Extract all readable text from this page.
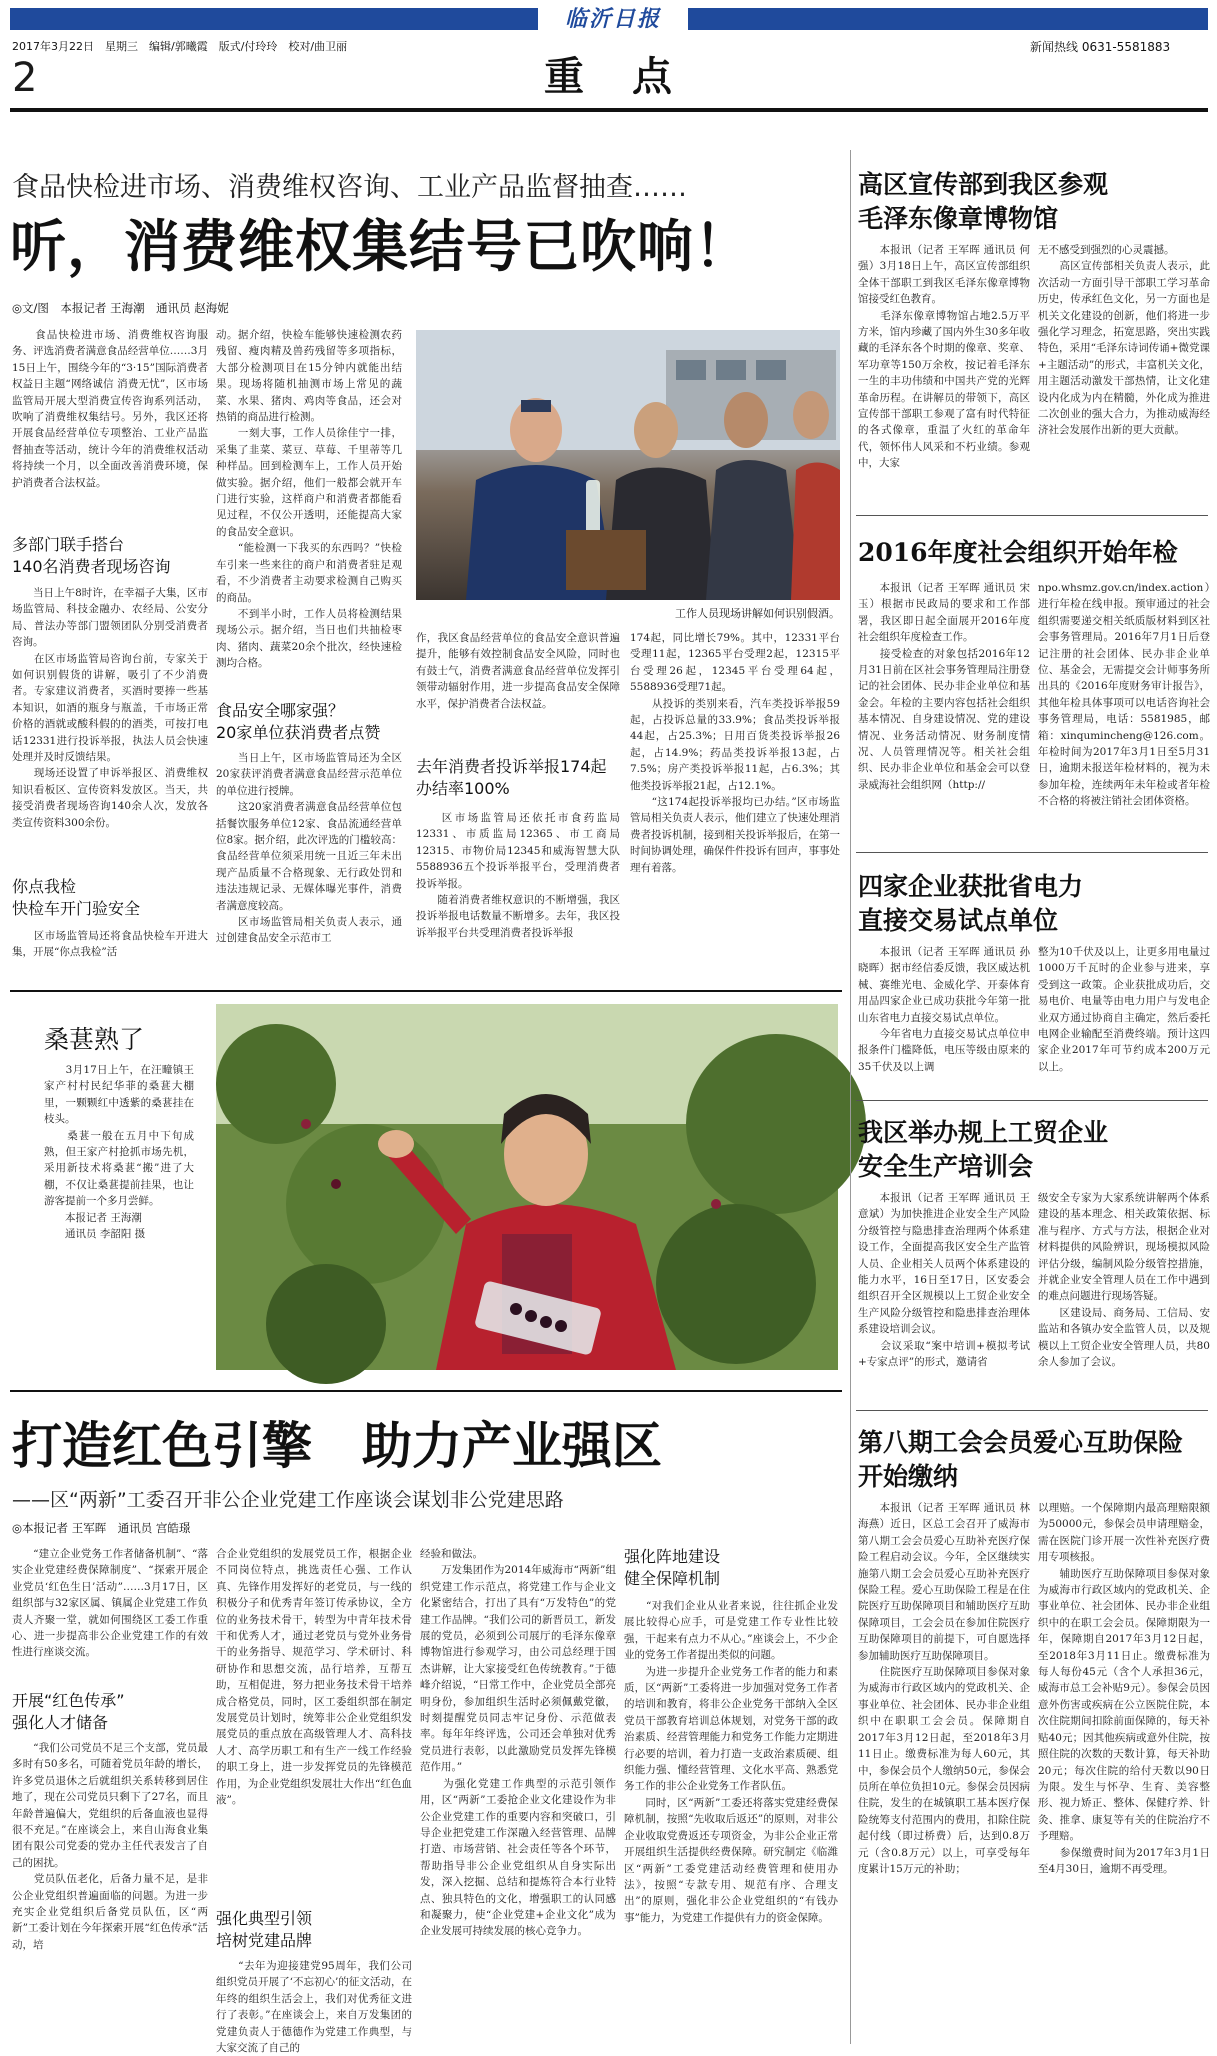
临沂日报
2017年3月22日　星期三　编辑/郭曦霞　版式/付玲玲　校对/曲卫丽
2	重　点
新闻热线 0631-5581883
食品快检进市场、消费维权咨询、工业产品监督抽查……
听，消费维权集结号已吹响！
◎文/图　本报记者 王海潮　通讯员 赵海妮
　　食品快检进市场、消费维权咨询服务、评选消费者满意食品经营单位……3月15日上午，围绕今年的“3·15”国际消费者权益日主题“网络诚信 消费无忧”，区市场监管局开展大型消费宣传咨询系列活动，吹响了消费维权集结号。另外，我区还将开展食品经营单位专项整治、工业产品监督抽查等活动，统计今年的消费维权活动将持续一个月，以全面改善消费环境，保护消费者合法权益。
多部门联手搭台
140名消费者现场咨询
　　当日上午8时许，在幸福子大集，区市场监管局、科技金融办、农经局、公安分局、普法办等部门盟领团队分别受消费者咨询。
　　在区市场监管局咨询台前，专家关于如何识别假货的讲解，吸引了不少消费者。专家建议消费者，买酒时要捧一些基本知识，如酒的瓶身与瓶盖，千市场正常价格的酒就或酸科假的的酒类，可按打电话12331进行投诉举报，执法人员会快速处理并及时反馈结果。
　　现场还设置了申诉举报区、消费维权知识看板区、宣传资料发放区。当天，共接受消费者现场咨询140余人次，发放各类宣传资料300余份。
你点我检
快检车开门验安全
　　区市场监管局还将食品快检车开进大集，开展“你点我检”活
动。据介绍，快检车能够快速检测农药残留、瘦肉精及兽药残留等多项指标，大部分检测项目在15分钟内就能出结果。现场将随机抽测市场上常见的蔬菜、水果、猪肉、鸡肉等食品，还会对热销的商品进行检测。
　　一刻大事，工作人员徐佳宁一排，采集了韭菜、菜豆、草莓、千里蒂等几种样品。回到检测车上，工作人员开始做实验。据介绍，他们一般都会就开车门进行实验，这样商户和消费者都能看见过程，不仅公开透明，还能提高大家的食品安全意识。
　　“能检测一下我买的东西吗？”快检车引来一些来往的商户和消费者驻足观看，不少消费者主动要求检测自己购买的商品。
　　不到半小时，工作人员将检测结果现场公示。据介绍，当日也们共抽检枣肉、猪肉、蔬菜20余个批次，经快速检测均合格。
食品安全哪家强？
20家单位获消费者点赞
　　当日上午，区市场监管局还为全区20家获评消费者满意食品经营示范单位的单位进行授牌。
　　这20家消费者满意食品经营单位包括餐饮服务单位12家、食品流通经营单位8家。据介绍，此次评选的门槛较高：食品经营单位须采用统一且近三年未出现产品质量不合格现象、无行政处罚和违法违规记录、无媒体曝光事件，消费者满意度较高。
　　区市场监管局相关负责人表示，通过创建食品安全示范市工
工作人员现场讲解如何识别假酒。
作，我区食品经营单位的食品安全意识普遍提升，能够有效控制食品安全风险，同时也有鼓士气，消费者满意食品经营单位发挥引领带动辐射作用，进一步提高食品安全保障水平，保护消费者合法权益。
去年消费者投诉举报174起
办结率100%
　　区市场监管局还依托市食药监局12331、市质监局12365、市工商局12315、市物价局12345和威海智慧大队5588936五个投诉举报平台，受理消费者投诉举报。
　　随着消费者维权意识的不断增强，我区投诉举报电话数量不断增多。去年，我区投诉举报平台共受理消费者投诉举报
174起，同比增长79%。其中，12331平台受理11起，12365平台受理2起，12315平台受理26起，12345平台受理64起，5588936受理71起。
　　从投诉的类别来看，汽车类投诉举报59起，占投诉总量的33.9%；食品类投诉举报44起，占25.3%；日用百货类投诉举报26起，占14.9%；药品类投诉举报13起，占7.5%；房产类投诉举报11起，占6.3%；其他类投诉举报21起，占12.1%。
　　“这174起投诉举报均已办结。”区市场监管局相关负责人表示，他们建立了快速处理消费者投诉机制，接到相关投诉举报后，在第一时间协调处理，确保件件投诉有回声，事事处理有着落。
桑葚熟了
　　3月17日上午，在汪疃镇王家产村村民纪华菲的桑葚大棚里，一颗颗红中透紫的桑葚挂在枝头。
　　桑葚一般在五月中下旬成熟，但王家产村抢抓市场先机，采用新技术将桑葚“搬”进了大棚，不仅让桑葚提前挂果，也让游客提前一个多月尝鲜。
　　本报记者 王海潮
　　通讯员 李韶阳 摄
打造红色引擎　助力产业强区
——区“两新”工委召开非公企业党建工作座谈会谋划非公党建思路
◎本报记者 王军晖　通讯员 宫皓璟
　　“建立企业党务工作者储备机制”、“落实企业党建经费保障制度”、“探索开展企业党员‘红色生日’活动”……3月17日，区组织部与32家区属、镇属企业党建工作负责人齐聚一堂，就如何围绕区工委工作重心、进一步提高非公企业党建工作的有效性进行座谈交流。
开展“红色传承”
强化人才储备
　　“我们公司党员不足三个支部，党员最多时有50多名，可随着党员年龄的增长，许多党员退休之后就组织关系转移到居住地了，现在公司党员只剩下了27名，而且年龄普遍偏大，党组织的后备血液也显得很不充足。”在座谈会上，来自山海食业集团有限公司党委的党办主任代表发言了自己的困扰。
　　党员队伍老化，后备力量不足，是非公企业党组织普遍面临的问题。为进一步充实企业党组织后备党员队伍，区“两新”工委计划在今年探索开展“红色传承”活动，培
合企业党组织的发展党员工作，根据企业不同岗位特点，挑选责任心强、工作认真、先锋作用发挥好的老党员，与一线的积极分子和优秀青年签订传承协议，全方位的业务技术骨干，转型为中青年技术骨干和优秀人才，通过老党员与党外业务骨干的业务指导、规范学习、学术研讨、科研协作和思想交流，品行培养，互帮互助，互相促进，努力把业务技术骨干培养成合格党员，同时，区工委组织部在制定发展党员计划时，统筹非公企业党组织发展党员的重点放在高级管理人才、高科技人才、高学历职工和有生产一线工作经验的职工身上，进一步发挥党员的先锋模范作用，为企业党组织发展壮大作出“红色血液”。
强化典型引领
培树党建品牌
　　“去年为迎接建党95周年，我们公司组织党员开展了‘不忘初心’的征文活动，在年终的组织生活会上，我们对优秀征文进行了表彰。”在座谈会上，来自万发集团的党建负责人于德德作为党建工作典型，与大家交流了自己的
经验和做法。
　　万发集团作为2014年威海市“两新”组织党建工作示范点，将党建工作与企业文化紧密结合，打出了具有“万发特色”的党建工作品牌。“我们公司的新晋员工，新发展的党员，必须到公司展厅的毛泽东像章博物馆进行参观学习，由公司总经理于国杰讲解，让大家接受红色传统教育。”于德峰介绍说，“日常工作中，企业党员全部亮明身份，参加组织生活时必须佩戴党徽，时刻提醒党员同志牢记身份、示范做表率。每年年终评选，公司还会单独对优秀党员进行表彰，以此激励党员发挥先锋模范作用。”
　　为强化党建工作典型的示范引领作用，区“两新”工委抢企业文化建设作为非公企业党建工作的重要内容和突破口，引导企业把党建工作深融入经营管理、品牌打造、市场营销、社会责任等各个环节，帮助指导非公企业党组织从自身实际出发，深入挖掘、总结和提炼符合本行业特点、独具特色的文化，增强职工的认同感和凝聚力，使“企业党建+企业文化”成为企业发展可持续发展的核心竞争力。
强化阵地建设
健全保障机制
　　“对我们企业从业者来说，往往抓企业发展比较得心应手，可是党建工作专业性比较强，干起来有点力不从心。”座谈会上，不少企业的党务工作者提出类似的问题。
　　为进一步提升企业党务工作者的能力和素质，区“两新”工委将进一步加强对党务工作者的培训和教育，将非公企业党务干部纳入全区党员干部教育培训总体规划，对党务干部的政治素质、经营管理能力和党务工作能力定期进行必要的培训，着力打造一支政治素质硬、组织能力强、懂经营管理、文化水平高、熟悉党务工作的非公企业党务工作者队伍。
　　同时，区“两新”工委还将落实党建经费保障机制，按照“先收取后返还”的原则，对非公企业收取党费返还专项资金，为非公企业正常开展组织生活提供经费保障。研究制定《临潍区“两新”工委党建活动经费管理和使用办法》，按照“专款专用、规范有序、合理支出”的原则，强化非公企业党组织的“有钱办事”能力，为党建工作提供有力的资金保障。
高区宣传部到我区参观
毛泽东像章博物馆
　　本报讯（记者 王军晖 通讯员 何强）3月18日上午，高区宣传部组织全体干部职工到我区毛泽东像章博物馆接受红色教育。
　　毛泽东像章博物馆占地2.5万平方米，馆内珍藏了国内外生30多年收藏的毛泽东各个时期的像章、奖章、军功章等150万余枚，按记着毛泽东一生的丰功伟绩和中国共产党的光辉革命历程。在讲解员的带领下，高区宣传部干部职工参观了富有时代特征的各式像章，重温了火红的革命年代，领怀伟人风采和不朽业绩。参观中，大家
无不感受到强烈的心灵震撼。
　　高区宣传部相关负责人表示，此次活动一方面引导干部职工学习革命历史，传承红色文化，另一方面也是机关文化建设的创新，他们将进一步强化学习理念，拓宽思路，突出实践特色，采用“毛泽东诗词传诵+微党课+主题活动”的形式，丰富机关文化，用主题活动激发干部热情，让文化建设内化成为内在精髓，外化成为推进二次创业的强大合力，为推动威海经济社会发展作出新的更大贡献。
2016年度社会组织开始年检
　　本报讯（记者 王军晖 通讯员 宋玉）根据市民政局的要求和工作部署，我区即日起全面展开2016年度社会组织年度检查工作。
　　接受检查的对象包括2016年12月31日前在区社会事务管理局注册登记的社会团体、民办非企业单位和基金会。年检的主要内容包括社会组织基本情况、自身建设情况、党的建设情况、业务活动情况、财务制度情况、人员管理情况等。相关社会组织、民办非企业单位和基金会可以登录威海社会组织网（http://
npo.whsmz.gov.cn/index.action）进行年检在线申报。预审通过的社会组织需要递交相关纸质版材料到区社会事务管理局。2016年7月1日后登记注册的社会团体、民办非企业单位、基金会，无需提交会计师事务所出具的《2016年度财务审计报告》，其他年检具体事项可以电话咨询社会事务管理局，电话：5581985，邮箱：xinqumincheng@126.com。年检时间为2017年3月1日至5月31日，逾期未报送年检材料的，视为未参加年检，连续两年未年检或者年检不合格的将被注销社会团体资格。
四家企业获批省电力
直接交易试点单位
　　本报讯（记者 王军晖 通讯员 孙晓晖）据市经信委反馈，我区威达机械、赛维光电、金威化学、开泰体育用品四家企业已成功获批今年第一批山东省电力直接交易试点单位。
　　今年省电力直接交易试点单位申报条件门槛降低，电压等级由原来的35千伏及以上调
整为10千伏及以上，让更多用电量过1000万千瓦时的企业参与进来，享受到这一政策。企业获批成功后，交易电价、电量等由电力用户与发电企业双方通过协商自主确定，然后委托电网企业输配至消费终端。预计这四家企业2017年可节约成本200万元以上。
我区举办规上工贸企业
安全生产培训会
　　本报讯（记者 王军晖 通讯员 王意斌）为加快推进企业安全生产风险分级管控与隐患排查治理两个体系建设工作，全面提高我区安全生产监管人员、企业相关人员两个体系建设的能力水平，16日至17日，区安委会组织召开全区规模以上工贸企业安全生产风险分级管控和隐患排查治理体系建设培训会议。
　　会议采取“案中培训+模拟考试+专家点评”的形式，邀请省
级安全专家为大家系统讲解两个体系建设的基本理念、相关政策依据、标准与程序、方式与方法，根据企业对材料提供的风险辨识，现场模拟风险评估分级，编制风险分级管控措施，并就企业安全管理人员在工作中遇到的难点问题进行现场答疑。
　　区建设局、商务局、工信局、安监站和各镇办安全监管人员，以及规模以上工贸企业安全管理人员，共80余人参加了会议。
第八期工会会员爱心互助保险
开始缴纳
　　本报讯（记者 王军晖 通讯员 林海燕）近日，区总工会召开了威海市第八期工会会员爱心互助补充医疗保险工程启动会议。今年，全区继续实施第八期工会会员爱心互助补充医疗保险工程。爱心互助保险工程是在住院医疗互助保障项目和辅助医疗互助保障项目，工会会员在参加住院医疗互助保障项目的前提下，可自愿选择参加辅助医疗互助保障项目。
　　住院医疗互助保障项目参保对象为威海市行政区域内的党政机关、企事业单位、社会团体、民办非企业组织中在职职工会会员。保障期自2017年3月12日起，至2018年3月11日止。缴费标准为每人60元，其中，参保会员个人缴纳50元，参保会员所在单位负担10元。参保会员因病住院，发生的在城镇职工基本医疗保险统筹支付范围内的费用，扣除住院起付线（即过桥费）后，达到0.8万元（含0.8万元）以上，可享受每年度累计15万元的补助；
以理赔。一个保障期内最高理赔限额为50000元，参保会员申请理赔金，需在医院门诊开展一次性补充医疗费用专项核报。
　　辅助医疗互助保障项目参保对象为威海市行政区域内的党政机关、企事业单位、社会团体、民办非企业组织中的在职工会会员。保障期限为一年，保障期自2017年3月12日起，至2018年3月11日止。缴费标准为每人每份45元（含个人承担36元，威海市总工会补贴9元）。参保会员因意外伤害或疾病在公立医院住院，本次住院期间扣除前面保障的，每天补贴40元；因其他疾病或意外住院，按照住院的次数的天数计算，每天补助20元；每次住院的给付天数以90日为限。发生与怀孕、生育、美容整形、视力矫正、整体、保健疗养、针灸、推拿、康复等有关的住院治疗不予理赔。
　　参保缴费时间为2017年3月1日至4月30日，逾期不再受理。
